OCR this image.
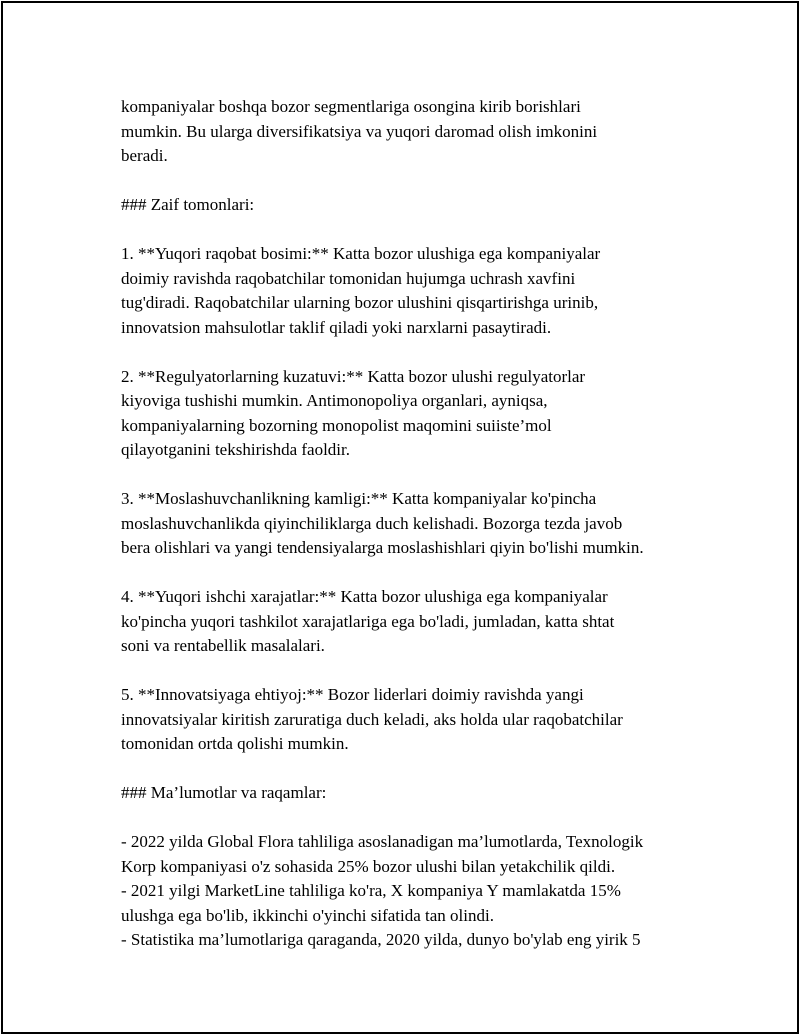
kompaniyalar boshqa bozor segmentlariga osongina kirib borishlari
mumkin. Bu ularga diversifikatsiya va yuqori daromad olish imkonini
beradi.
### Zaif tomonlari:
1. **Yuqori raqobat bosimi:** Katta bozor ulushiga ega kompaniyalar
doimiy ravishda raqobatchilar tomonidan hujumga uchrash xavfini
tug'diradi. Raqobatchilar ularning bozor ulushini qisqartirishga urinib,
innovatsion mahsulotlar taklif qiladi yoki narxlarni pasaytiradi.
2. **Regulyatorlarning kuzatuvi:** Katta bozor ulushi regulyatorlar
kiyoviga tushishi mumkin. Antimonopoliya organlari, ayniqsa,
kompaniyalarning bozorning monopolist maqomini suiiste’mol
qilayotganini tekshirishda faoldir.
3. **Moslashuvchanlikning kamligi:** Katta kompaniyalar ko'pincha
moslashuvchanlikda qiyinchiliklarga duch kelishadi. Bozorga tezda javob
bera olishlari va yangi tendensiyalarga moslashishlari qiyin bo'lishi mumkin.
4. **Yuqori ishchi xarajatlar:** Katta bozor ulushiga ega kompaniyalar
ko'pincha yuqori tashkilot xarajatlariga ega bo'ladi, jumladan, katta shtat
soni va rentabellik masalalari.
5. **Innovatsiyaga ehtiyoj:** Bozor liderlari doimiy ravishda yangi
innovatsiyalar kiritish zaruratiga duch keladi, aks holda ular raqobatchilar
tomonidan ortda qolishi mumkin.
### Ma’lumotlar va raqamlar:
- 2022 yilda Global Flora tahliliga asoslanadigan ma’lumotlarda, Texnologik
Korp kompaniyasi o'z sohasida 25% bozor ulushi bilan yetakchilik qildi.
- 2021 yilgi MarketLine tahliliga ko'ra, X kompaniya Y mamlakatda 15%
ulushga ega bo'lib, ikkinchi o'yinchi sifatida tan olindi.
- Statistika ma’lumotlariga qaraganda, 2020 yilda, dunyo bo'ylab eng yirik 5
